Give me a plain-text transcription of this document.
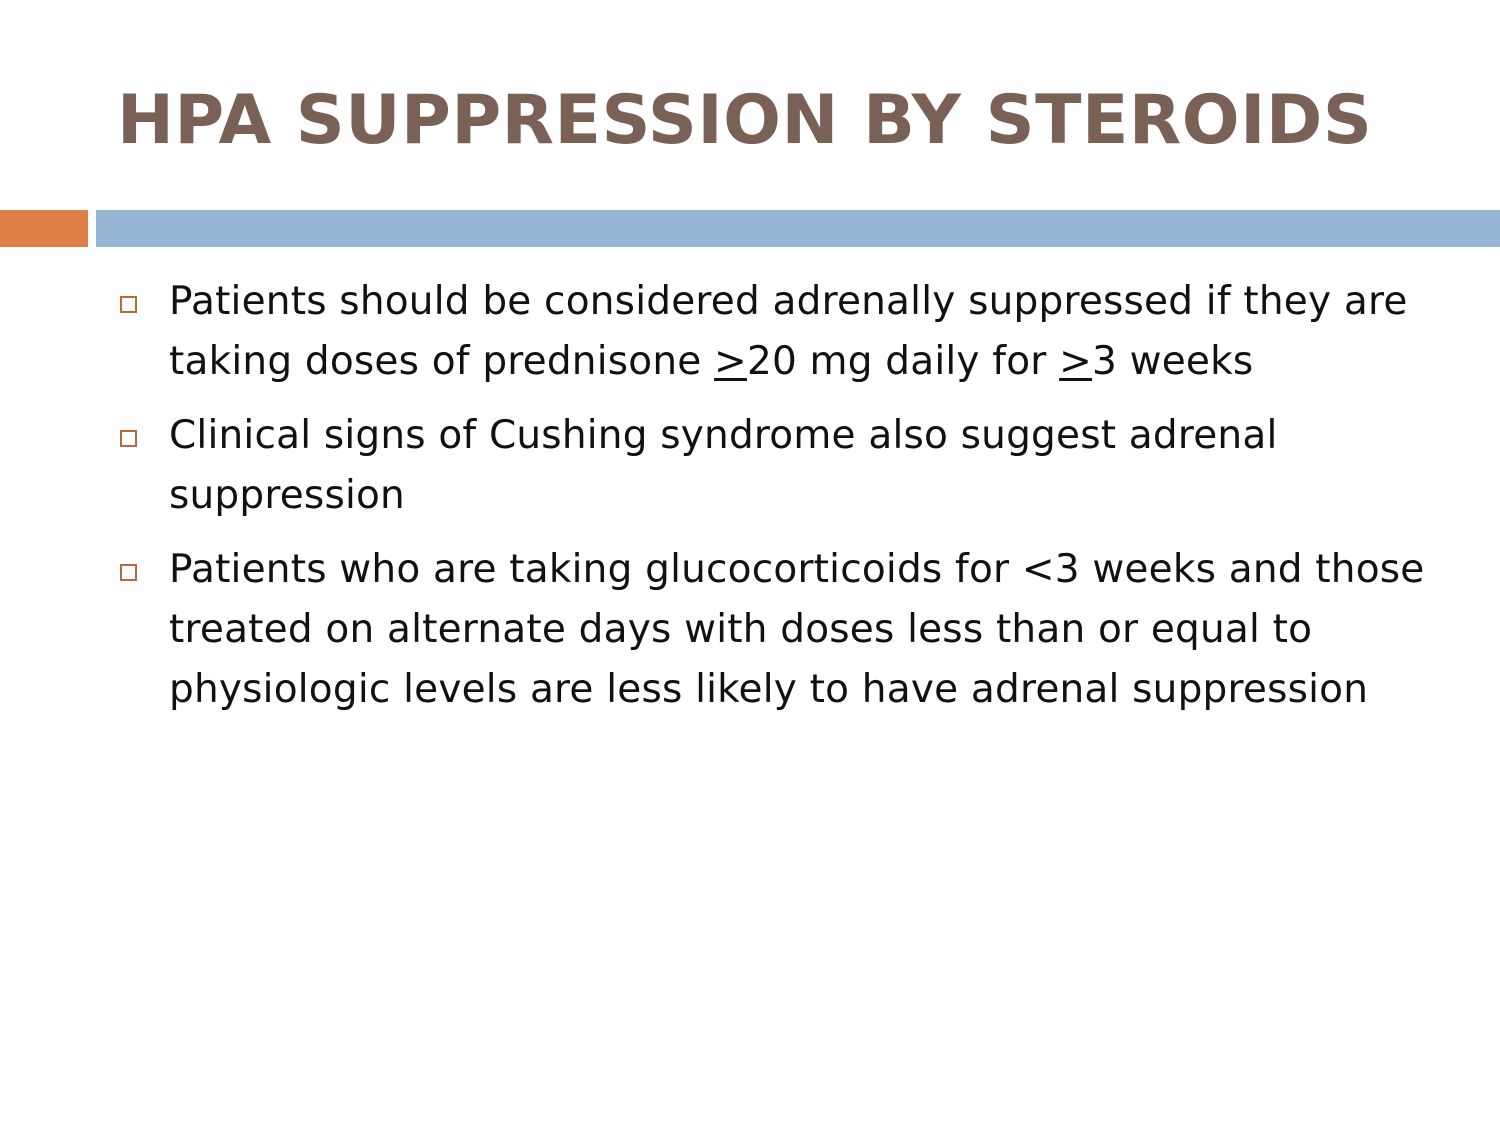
HPA SUPPRESSION BY STEROIDS
Patients should be considered adrenally suppressed if they are taking doses of prednisone ≥20 mg daily for ≥3 weeks
Clinical signs of Cushing syndrome also suggest adrenal suppression
Patients who are taking glucocorticoids for <3 weeks and those treated on alternate days with doses less than or equal to physiologic levels are less likely to have adrenal suppression
